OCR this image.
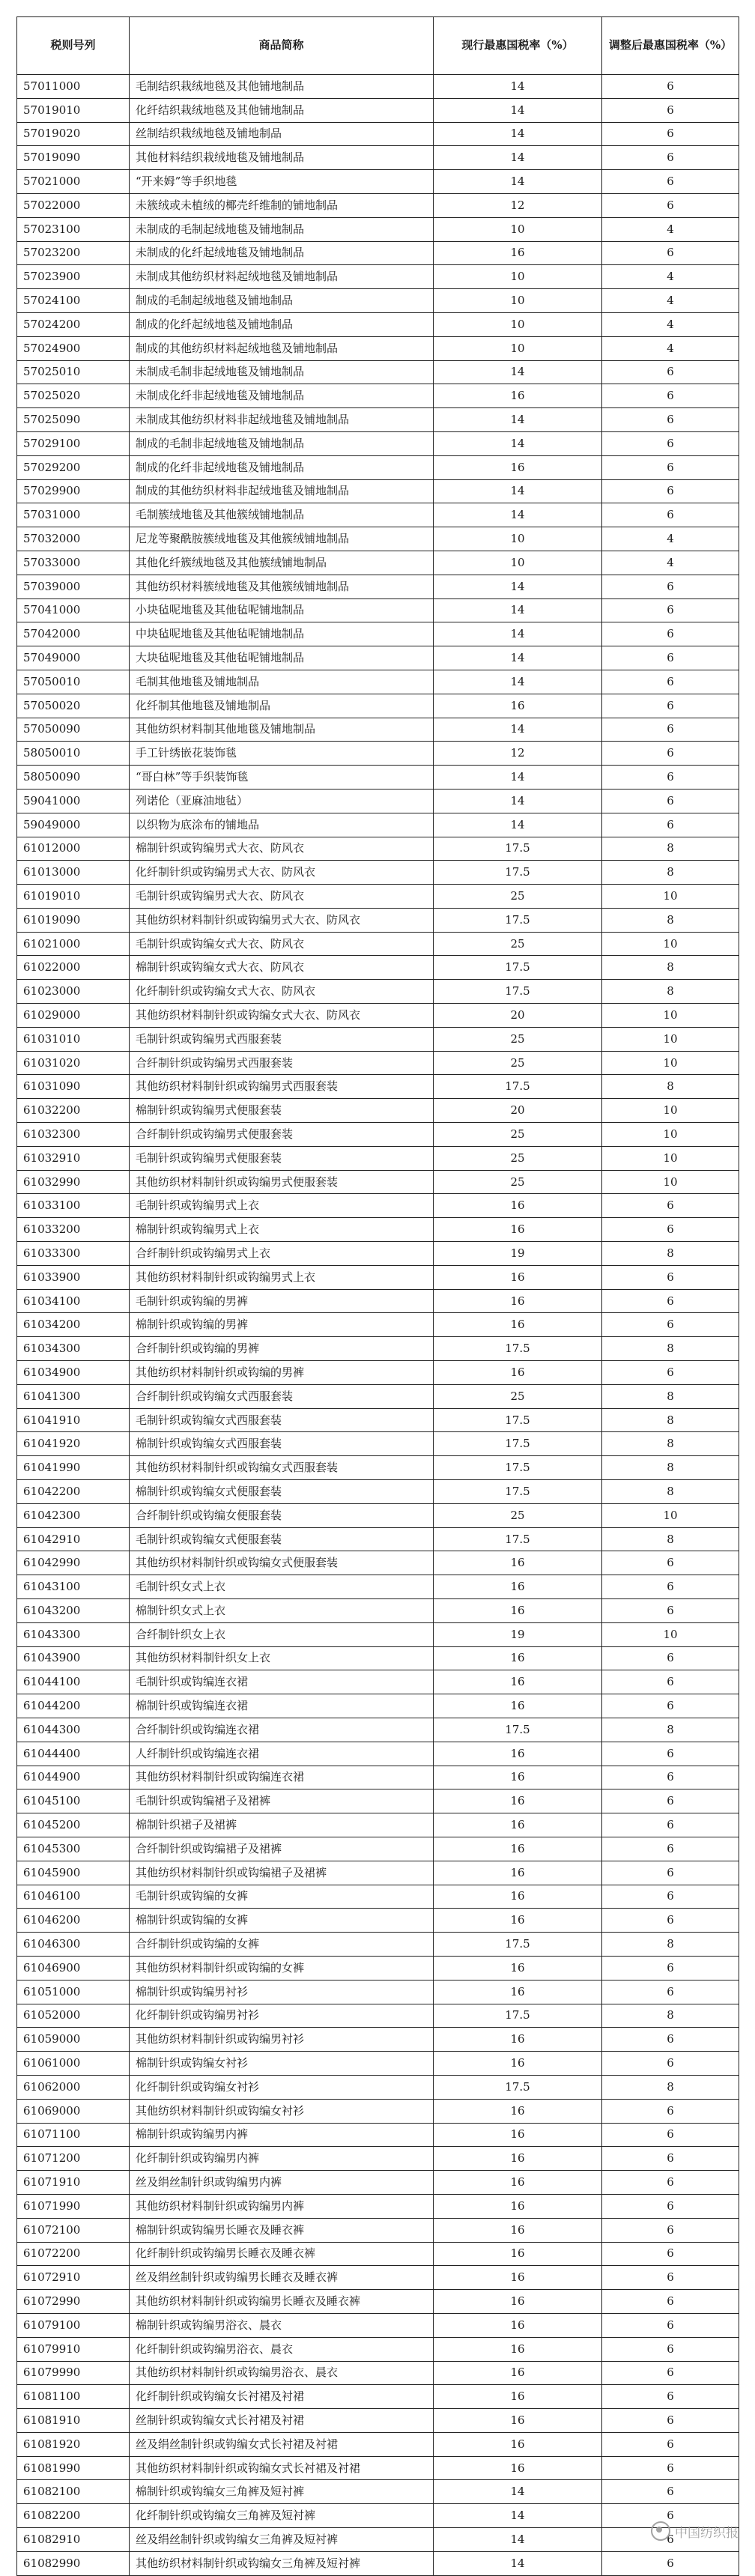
税则号列	商品简称	现行最惠国税率（%）	调整后最惠国税率（%）
57011000	毛制结织栽绒地毯及其他铺地制品	14	6
57019010	化纤结织栽绒地毯及其他铺地制品	14	6
57019020	丝制结织栽绒地毯及铺地制品	14	6
57019090	其他材料结织栽绒地毯及铺地制品	14	6
57021000	“开来姆”等手织地毯	14	6
57022000	未簇绒或未植绒的椰壳纤维制的铺地制品	12	6
57023100	未制成的毛制起绒地毯及铺地制品	10	4
57023200	未制成的化纤起绒地毯及铺地制品	16	6
57023900	未制成其他纺织材料起绒地毯及铺地制品	10	4
57024100	制成的毛制起绒地毯及铺地制品	10	4
57024200	制成的化纤起绒地毯及铺地制品	10	4
57024900	制成的其他纺织材料起绒地毯及铺地制品	10	4
57025010	未制成毛制非起绒地毯及铺地制品	14	6
57025020	未制成化纤非起绒地毯及铺地制品	16	6
57025090	未制成其他纺织材料非起绒地毯及铺地制品	14	6
57029100	制成的毛制非起绒地毯及铺地制品	14	6
57029200	制成的化纤非起绒地毯及铺地制品	16	6
57029900	制成的其他纺织材料非起绒地毯及铺地制品	14	6
57031000	毛制簇绒地毯及其他簇绒铺地制品	14	6
57032000	尼龙等聚酰胺簇绒地毯及其他簇绒铺地制品	10	4
57033000	其他化纤簇绒地毯及其他簇绒铺地制品	10	4
57039000	其他纺织材料簇绒地毯及其他簇绒铺地制品	14	6
57041000	小块毡呢地毯及其他毡呢铺地制品	14	6
57042000	中块毡呢地毯及其他毡呢铺地制品	14	6
57049000	大块毡呢地毯及其他毡呢铺地制品	14	6
57050010	毛制其他地毯及铺地制品	14	6
57050020	化纤制其他地毯及铺地制品	16	6
57050090	其他纺织材料制其他地毯及铺地制品	14	6
58050010	手工针绣嵌花装饰毯	12	6
58050090	“哥白林”等手织装饰毯	14	6
59041000	列诺伦（亚麻油地毡）	14	6
59049000	以织物为底涂布的铺地品	14	6
61012000	棉制针织或钩编男式大衣、防风衣	17.5	8
61013000	化纤制针织或钩编男式大衣、防风衣	17.5	8
61019010	毛制针织或钩编男式大衣、防风衣	25	10
61019090	其他纺织材料制针织或钩编男式大衣、防风衣	17.5	8
61021000	毛制针织或钩编女式大衣、防风衣	25	10
61022000	棉制针织或钩编女式大衣、防风衣	17.5	8
61023000	化纤制针织或钩编女式大衣、防风衣	17.5	8
61029000	其他纺织材料制针织或钩编女式大衣、防风衣	20	10
61031010	毛制针织或钩编男式西服套装	25	10
61031020	合纤制针织或钩编男式西服套装	25	10
61031090	其他纺织材料制针织或钩编男式西服套装	17.5	8
61032200	棉制针织或钩编男式便服套装	20	10
61032300	合纤制针织或钩编男式便服套装	25	10
61032910	毛制针织或钩编男式便服套装	25	10
61032990	其他纺织材料制针织或钩编男式便服套装	25	10
61033100	毛制针织或钩编男式上衣	16	6
61033200	棉制针织或钩编男式上衣	16	6
61033300	合纤制针织或钩编男式上衣	19	8
61033900	其他纺织材料制针织或钩编男式上衣	16	6
61034100	毛制针织或钩编的男裤	16	6
61034200	棉制针织或钩编的男裤	16	6
61034300	合纤制针织或钩编的男裤	17.5	8
61034900	其他纺织材料制针织或钩编的男裤	16	6
61041300	合纤制针织或钩编女式西服套装	25	8
61041910	毛制针织或钩编女式西服套装	17.5	8
61041920	棉制针织或钩编女式西服套装	17.5	8
61041990	其他纺织材料制针织或钩编女式西服套装	17.5	8
61042200	棉制针织或钩编女式便服套装	17.5	8
61042300	合纤制针织或钩编女便服套装	25	10
61042910	毛制针织或钩编女式便服套装	17.5	8
61042990	其他纺织材料制针织或钩编女式便服套装	16	6
61043100	毛制针织女式上衣	16	6
61043200	棉制针织女式上衣	16	6
61043300	合纤制针织女上衣	19	10
61043900	其他纺织材料制针织女上衣	16	6
61044100	毛制针织或钩编连衣裙	16	6
61044200	棉制针织或钩编连衣裙	16	6
61044300	合纤制针织或钩编连衣裙	17.5	8
61044400	人纤制针织或钩编连衣裙	16	6
61044900	其他纺织材料制针织或钩编连衣裙	16	6
61045100	毛制针织或钩编裙子及裙裤	16	6
61045200	棉制针织裙子及裙裤	16	6
61045300	合纤制针织或钩编裙子及裙裤	16	6
61045900	其他纺织材料制针织或钩编裙子及裙裤	16	6
61046100	毛制针织或钩编的女裤	16	6
61046200	棉制针织或钩编的女裤	16	6
61046300	合纤制针织或钩编的女裤	17.5	8
61046900	其他纺织材料制针织或钩编的女裤	16	6
61051000	棉制针织或钩编男衬衫	16	6
61052000	化纤制针织或钩编男衬衫	17.5	8
61059000	其他纺织材料制针织或钩编男衬衫	16	6
61061000	棉制针织或钩编女衬衫	16	6
61062000	化纤制针织或钩编女衬衫	17.5	8
61069000	其他纺织材料制针织或钩编女衬衫	16	6
61071100	棉制针织或钩编男内裤	16	6
61071200	化纤制针织或钩编男内裤	16	6
61071910	丝及绢丝制针织或钩编男内裤	16	6
61071990	其他纺织材料制针织或钩编男内裤	16	6
61072100	棉制针织或钩编男长睡衣及睡衣裤	16	6
61072200	化纤制针织或钩编男长睡衣及睡衣裤	16	6
61072910	丝及绢丝制针织或钩编男长睡衣及睡衣裤	16	6
61072990	其他纺织材料制针织或钩编男长睡衣及睡衣裤	16	6
61079100	棉制针织或钩编男浴衣、晨衣	16	6
61079910	化纤制针织或钩编男浴衣、晨衣	16	6
61079990	其他纺织材料制针织或钩编男浴衣、晨衣	16	6
61081100	化纤制针织或钩编女长衬裙及衬裙	16	6
61081910	丝制针织或钩编女式长衬裙及衬裙	16	6
61081920	丝及绢丝制针织或钩编女式长衬裙及衬裙	16	6
61081990	其他纺织材料制针织或钩编女式长衬裙及衬裙	16	6
61082100	棉制针织或钩编女三角裤及短衬裤	14	6
61082200	化纤制针织或钩编女三角裤及短衬裤	14	6
61082910	丝及绢丝制针织或钩编女三角裤及短衬裤	14	6
61082990	其他纺织材料制针织或钩编女三角裤及短衬裤	14	6
中国纺织报
